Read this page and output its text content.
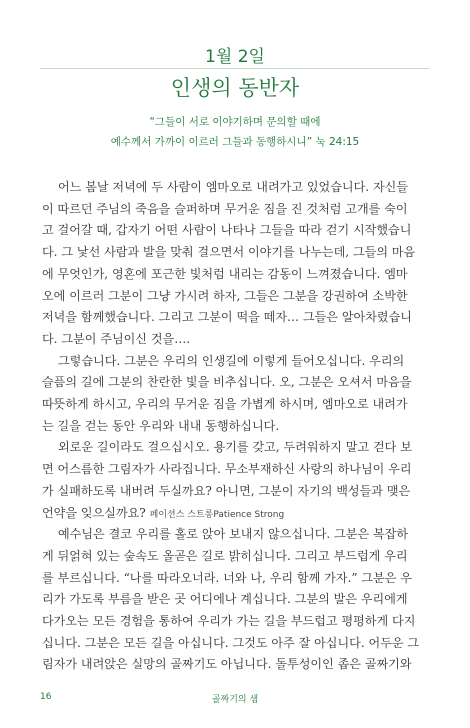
1월 2일
인생의 동반자
“그들이 서로 이야기하며 문의할 때에
예수께서 가까이 이르러 그들과 동행하시니” 눅 24:15
어느 봄날 저녁에 두 사람이 엠마오로 내려가고 있었습니다. 자신들
이 따르던 주님의 죽음을 슬퍼하며 무거운 짐을 진 것처럼 고개를 숙이
고 걸어갈 때, 갑자기 어떤 사람이 나타나 그들을 따라 걷기 시작했습니
다. 그 낯선 사람과 발을 맞춰 걸으면서 이야기를 나누는데, 그들의 마음
에 무엇인가, 영혼에 포근한 빛처럼 내리는 감동이 느껴졌습니다. 엠마
오에 이르러 그분이 그냥 가시려 하자, 그들은 그분을 강권하여 소박한
저녁을 함께했습니다. 그리고 그분이 떡을 떼자… 그들은 알아차렸습니
다. 그분이 주님이신 것을….
그렇습니다. 그분은 우리의 인생길에 이렇게 들어오십니다. 우리의
슬픔의 길에 그분의 찬란한 빛을 비추십니다. 오, 그분은 오셔서 마음을
따뜻하게 하시고, 우리의 무거운 짐을 가볍게 하시며, 엠마오로 내려가
는 길을 걷는 동안 우리와 내내 동행하십니다.
외로운 길이라도 걸으십시오. 용기를 갖고, 두려워하지 말고 걷다 보
면 어스름한 그림자가 사라집니다. 무소부재하신 사랑의 하나님이 우리
가 실패하도록 내버려 두실까요? 아니면, 그분이 자기의 백성들과 맺은
언약을 잊으실까요? 페이션스 스트롱Patience Strong
예수님은 결코 우리를 홀로 앉아 보내지 않으십니다. 그분은 복잡하
게 뒤얽혀 있는 숲속도 올곧은 길로 밝히십니다. 그리고 부드럽게 우리
를 부르십니다. “나를 따라오너라. 너와 나, 우리 함께 가자.” 그분은 우
리가 가도록 부름을 받은 곳 어디에나 계십니다. 그분의 발은 우리에게
다가오는 모든 경험을 통하여 우리가 가는 길을 부드럽고 평평하게 다지
십니다. 그분은 모든 길을 아십니다. 그것도 아주 잘 아십니다. 어두운 그
림자가 내려앉은 실망의 골짜기도 아닙니다. 돌투성이인 좁은 골짜기와
16	골짜기의 샘
